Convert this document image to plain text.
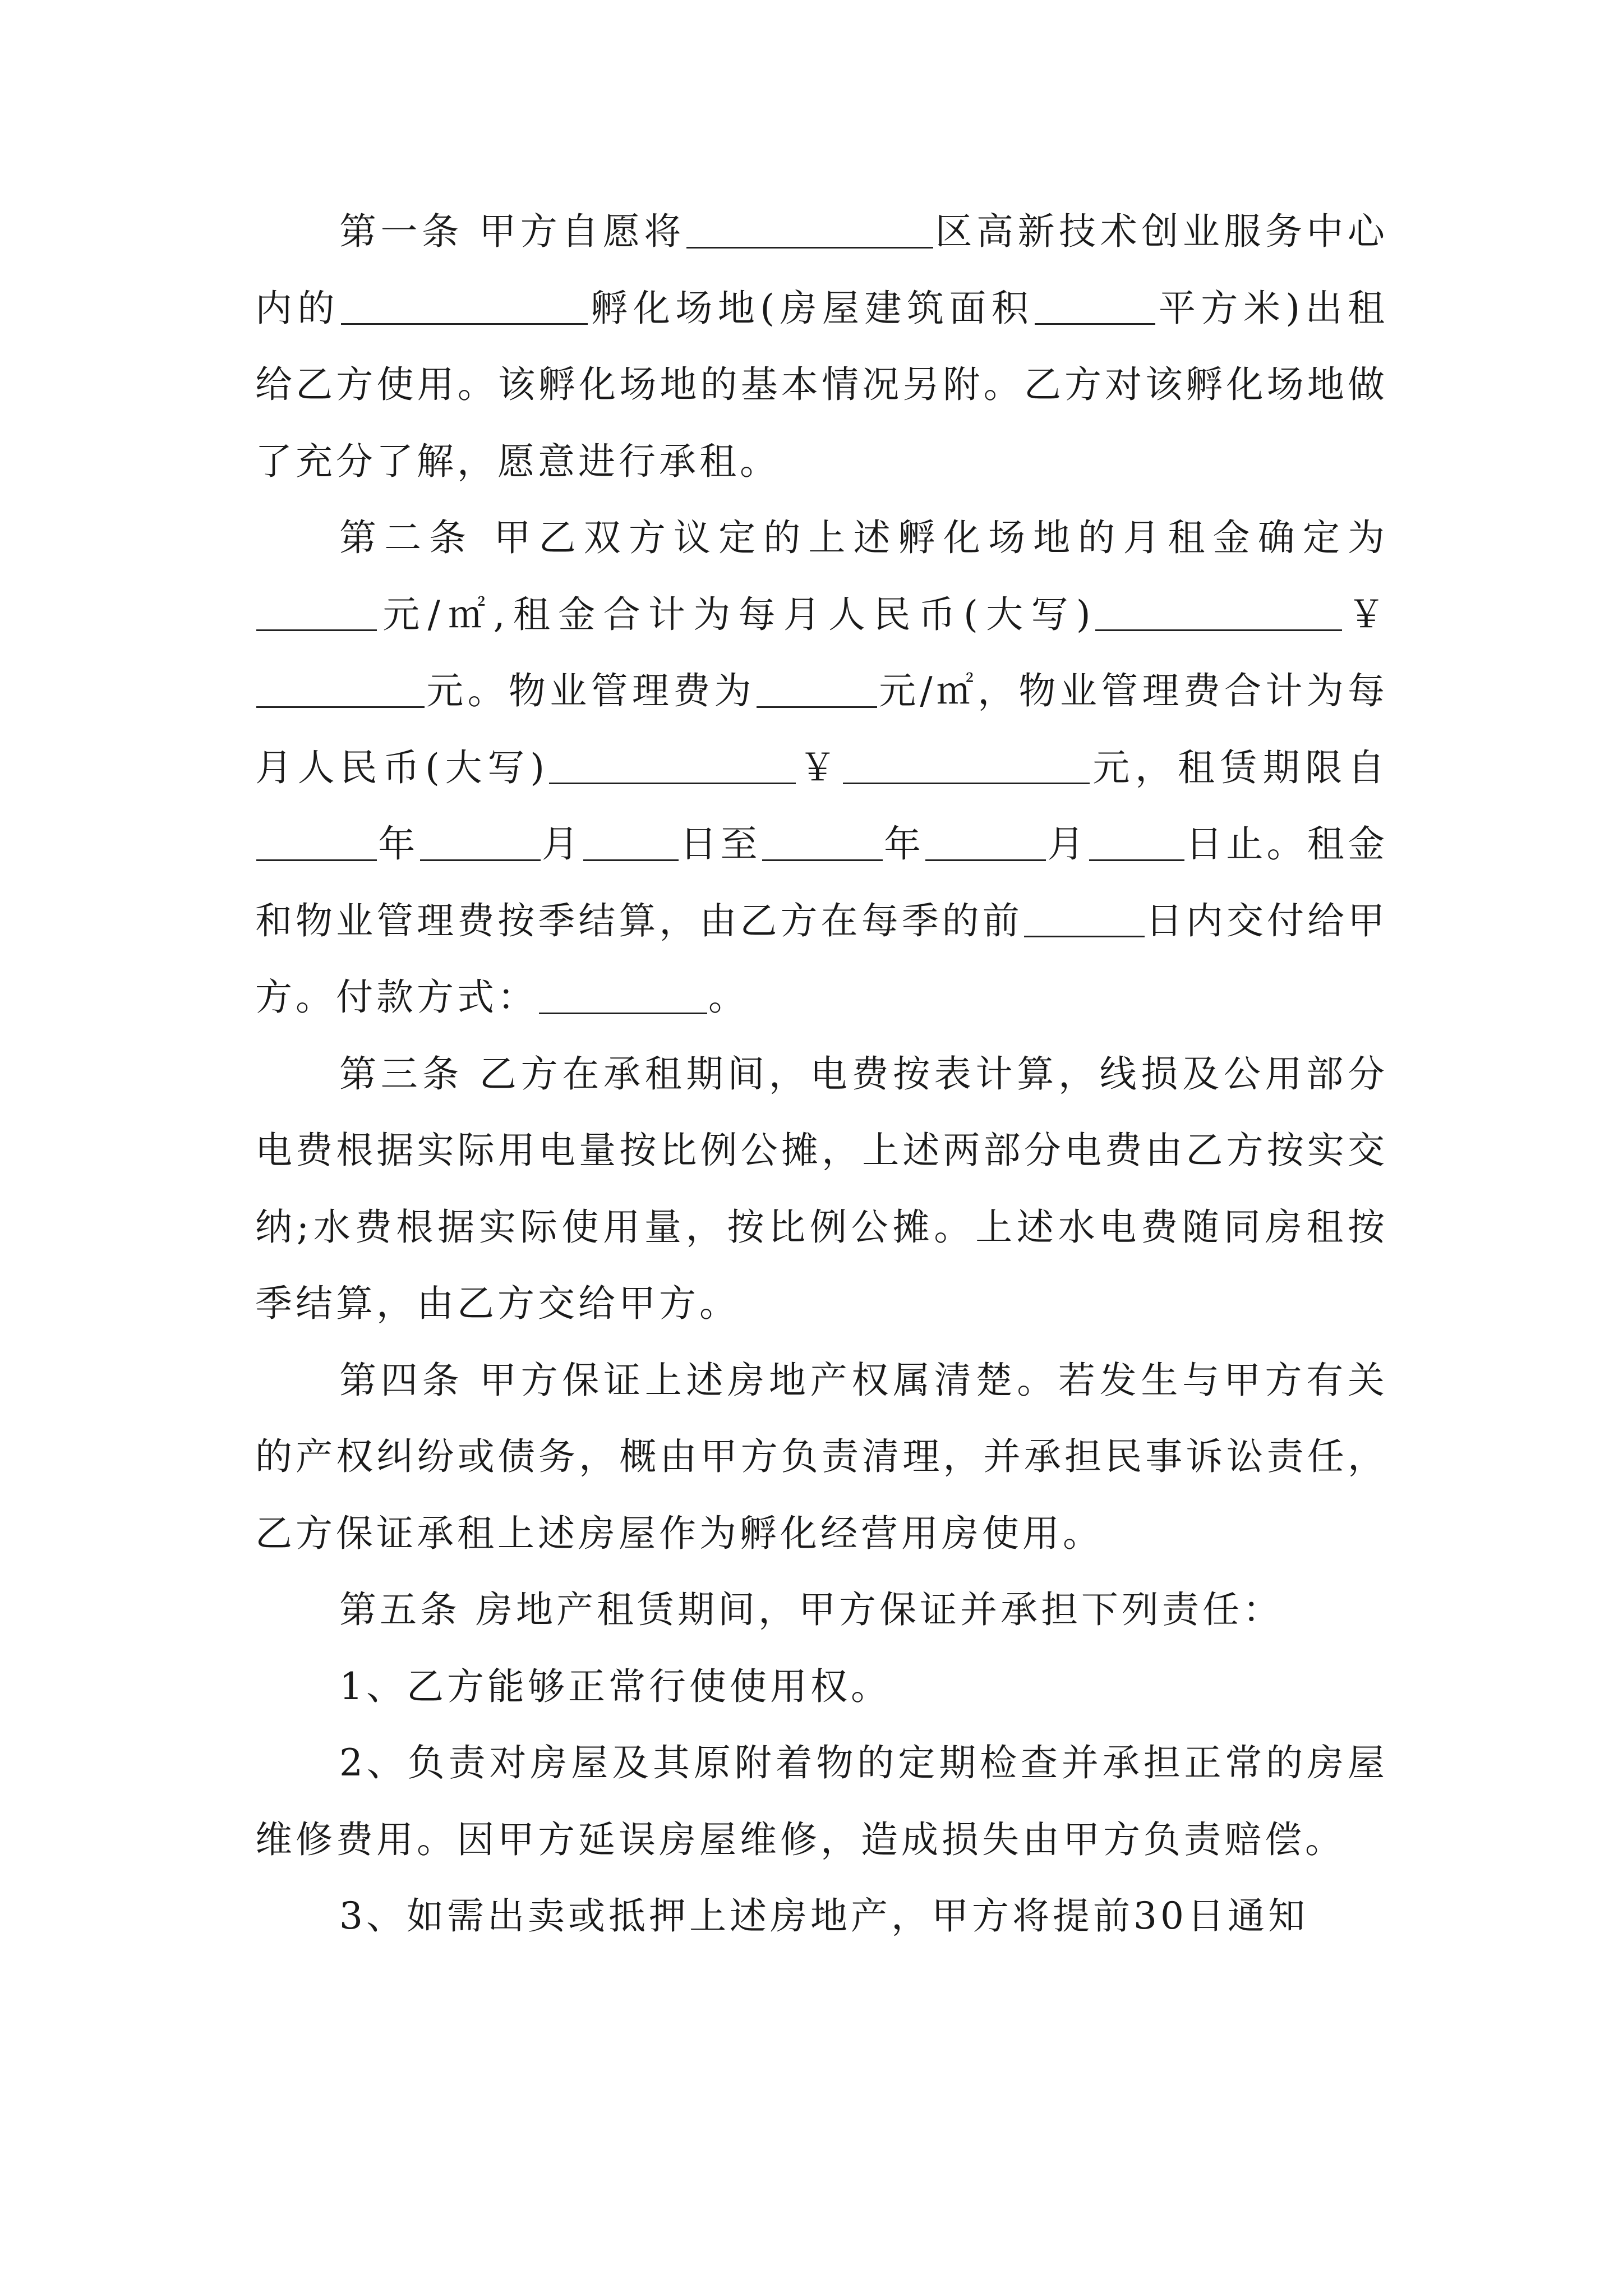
第一条 甲方自愿将	区高新技术创业服务中心内的	孵化场地(房屋建筑面积	平方米)出租给乙方使用。该孵化场地的基本情况另附。乙方对该孵化场地做了充分了解，愿意进行承租。

第二条 甲乙双方议定的上述孵化场地的月租金确定为元/㎡,租金合计为每月人民币(大写)	￥元。物业管理费为	元/㎡，物业管理费合计为每月人民币(大写)	￥	元，租赁期限自年	月	日至	年	月	日止。租金和物业管理费按季结算，由乙方在每季的前	日内交付给甲方。付款方式：	。

第三条 乙方在承租期间，电费按表计算，线损及公用部分电费根据实际用电量按比例公摊，上述两部分电费由乙方按实交纳;水费根据实际使用量，按比例公摊。上述水电费随同房租按季结算，由乙方交给甲方。

第四条 甲方保证上述房地产权属清楚。若发生与甲方有关的产权纠纷或债务，概由甲方负责清理，并承担民事诉讼责任，乙方保证承租上述房屋作为孵化经营用房使用。

第五条 房地产租赁期间，甲方保证并承担下列责任：

1、乙方能够正常行使使用权。

2、负责对房屋及其原附着物的定期检查并承担正常的房屋维修费用。因甲方延误房屋维修，造成损失由甲方负责赔偿。

3、如需出卖或抵押上述房地产，甲方将提前30日通知
